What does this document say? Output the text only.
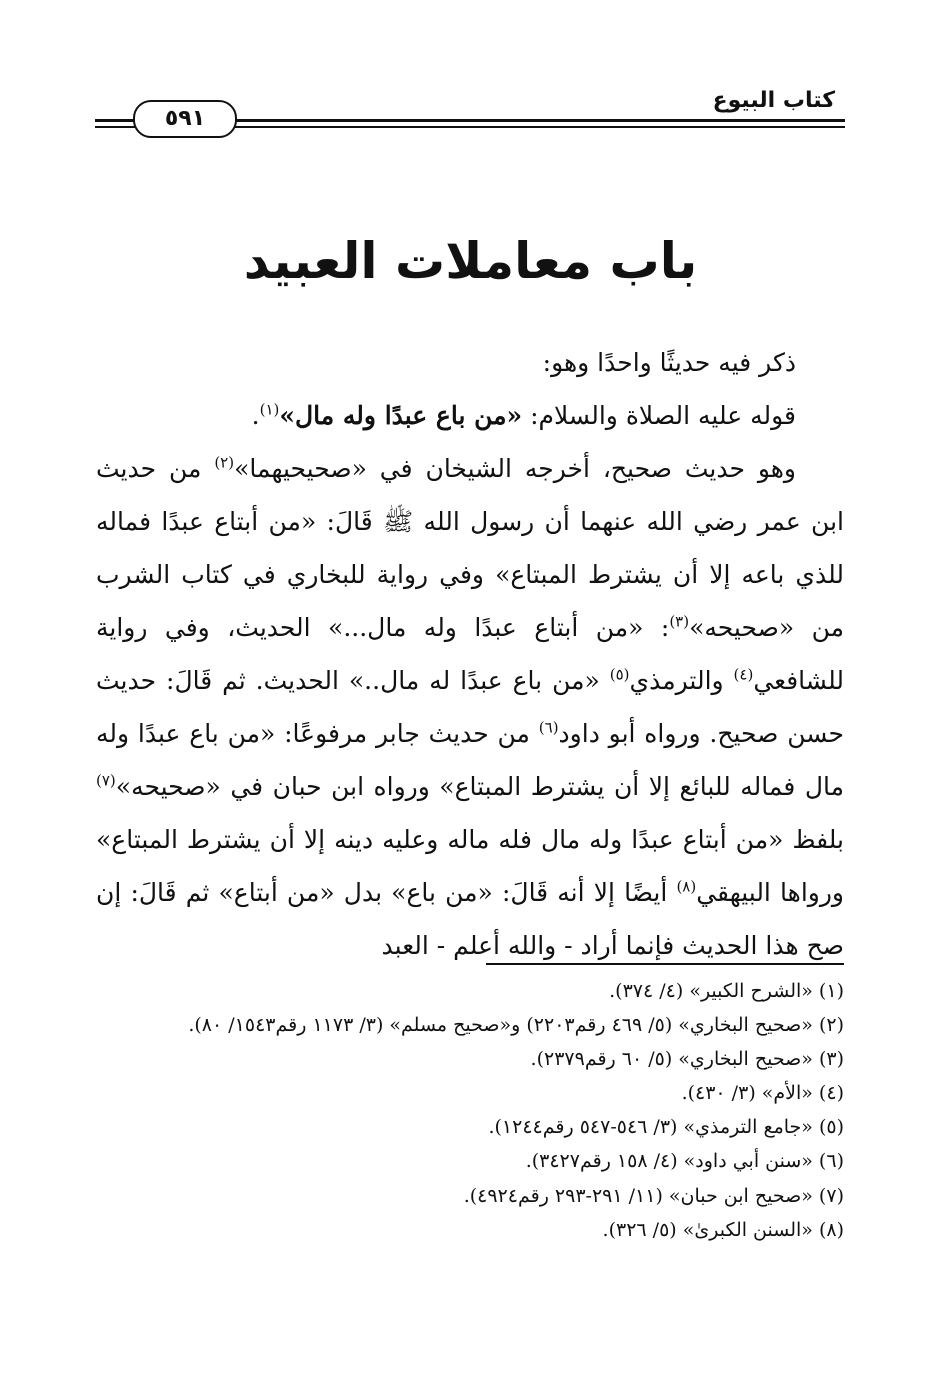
كتاب البيوع
٥٩١
باب معاملات العبيد

ذكر فيه حديثًا واحدًا وهو:

قوله عليه الصلاة والسلام: «من باع عبدًا وله مال»$^{(١)}$.

وهو حديث صحيح، أخرجه الشيخان في «صحيحيهما»$^{(٢)}$ من حديث ابن عمر رضي الله عنهما أن رسول الله ﷺ قَالَ: «من أبتاع عبدًا فماله للذي باعه إلا أن يشترط المبتاع» وفي رواية للبخاري في كتاب الشرب من «صحيحه»$^{(٣)}$: «من أبتاع عبدًا وله مال...» الحديث، وفي رواية للشافعي$^{(٤)}$ والترمذي$^{(٥)}$ «من باع عبدًا له مال..» الحديث. ثم قَالَ: حديث حسن صحيح. ورواه أبو داود$^{(٦)}$ من حديث جابر مرفوعًا: «من باع عبدًا وله مال فماله للبائع إلا أن يشترط المبتاع» ورواه ابن حبان في «صحيحه»$^{(٧)}$ بلفظ «من أبتاع عبدًا وله مال فله ماله وعليه دينه إلا أن يشترط المبتاع» ورواها البيهقي$^{(٨)}$ أيضًا إلا أنه قَالَ: «من باع» بدل «من أبتاع» ثم قَالَ: إن صح هذا الحديث فإنما أراد - والله أعلم - العبد

(١) «الشرح الكبير» (٤/ ٣٧٤).
(٢) «صحيح البخاري» (٥/ ٤٦٩ رقم٢٢٠٣) و«صحيح مسلم» (٣/ ١١٧٣ رقم١٥٤٣/ ٨٠).
(٣) «صحيح البخاري» (٥/ ٦٠ رقم٢٣٧٩).
(٤) «الأم» (٣/ ٤٣٠).
(٥) «جامع الترمذي» (٣/ ٥٤٦-٥٤٧ رقم١٢٤٤).
(٦) «سنن أبي داود» (٤/ ١٥٨ رقم٣٤٢٧).
(٧) «صحيح ابن حبان» (١١/ ٢٩١-٢٩٣ رقم٤٩٢٤).
(٨) «السنن الكبرىٰ» (٥/ ٣٢٦).
